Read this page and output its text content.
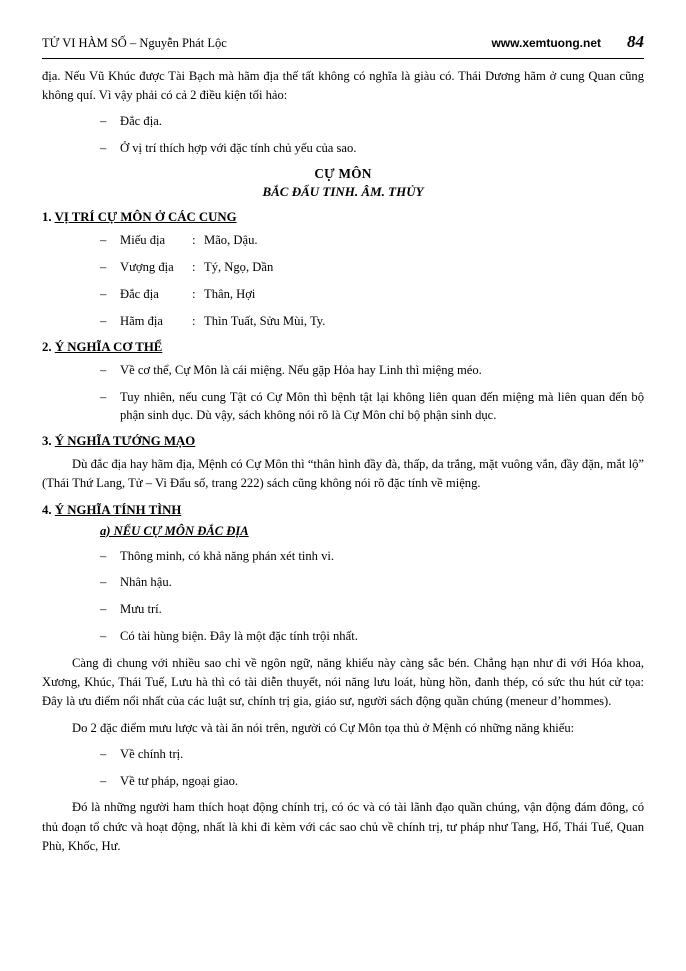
TỬ VI HÀM SỐ – Nguyễn Phát Lộc	www.xemtuong.net 84

địa. Nếu Vũ Khúc được Tài Bạch mà hãm địa thế tất không có nghĩa là giàu có. Thái Dương hãm ở cung Quan cũng không quí. Vì vậy phải có cả 2 điều kiện tối hảo:

– Đắc địa.
– Ở vị trí thích hợp với đặc tính chủ yếu của sao.
CỰ MÔN
BẮC ĐẨU TINH. ÂM. THỦY
1. VỊ TRÍ CỰ MÔN Ở CÁC CUNG
– Miếu địa : Mão, Dậu.
– Vượng địa : Tý, Ngọ, Dần
– Đắc địa	: Thân, Hợi
– Hãm địa : Thìn Tuất, Sửu Mùi, Ty.
2. Ý NGHĨA CƠ THỂ
– Về cơ thể, Cự Môn là cái miệng. Nếu gặp Hỏa hay Linh thì miệng méo.
– Tuy nhiên, nếu cung Tật có Cự Môn thì bệnh tật lại không liên quan đến miệng mà liên quan đến bộ phận sinh dục. Dù vậy, sách không nói rõ là Cự Môn chỉ bộ phận sinh dục.
3. Ý NGHĨA TƯỚNG MẠO

Dù đắc địa hay hãm địa, Mệnh có Cự Môn thì “thân hình đầy đà, thấp, da trắng, mặt vuông vắn, đầy đặn, mắt lộ” (Thái Thứ Lang, Tử – Vi Đẩu số, trang 222) sách cũng không nói rõ đặc tính về miệng.

4. Ý NGHĨA TÍNH TÌNH
a) NẾU CỰ MÔN ĐẮC ĐỊA
– Thông minh, có khả năng phán xét tinh vi.
– Nhân hậu.
– Mưu trí.
– Có tài hùng biện. Đây là một đặc tính trội nhất.

Càng đi chung với nhiều sao chỉ về ngôn ngữ, năng khiếu này càng sắc bén. Chẳng hạn như đi với Hóa khoa, Xương, Khúc, Thái Tuế, Lưu hà thì có tài diễn thuyết, nói năng lưu loát, hùng hồn, đanh thép, có sức thu hút cử tọa: Đây là ưu điểm nổi nhất của các luật sư, chính trị gia, giáo sư, người sách động quần chúng (meneur d’hommes).

Do 2 đặc điểm mưu lược và tài ăn nói trên, người có Cự Môn tọa thủ ở Mệnh có những năng khiếu:

– Về chính trị.
– Về tư pháp, ngoại giao.

Đó là những người ham thích hoạt động chính trị, có óc và có tài lãnh đạo quần chúng, vận động đám đông, có thủ đoạn tổ chức và hoạt động, nhất là khi đi kèm với các sao chủ về chính trị, tư pháp như Tang, Hổ, Thái Tuế, Quan Phù, Khốc, Hư.
